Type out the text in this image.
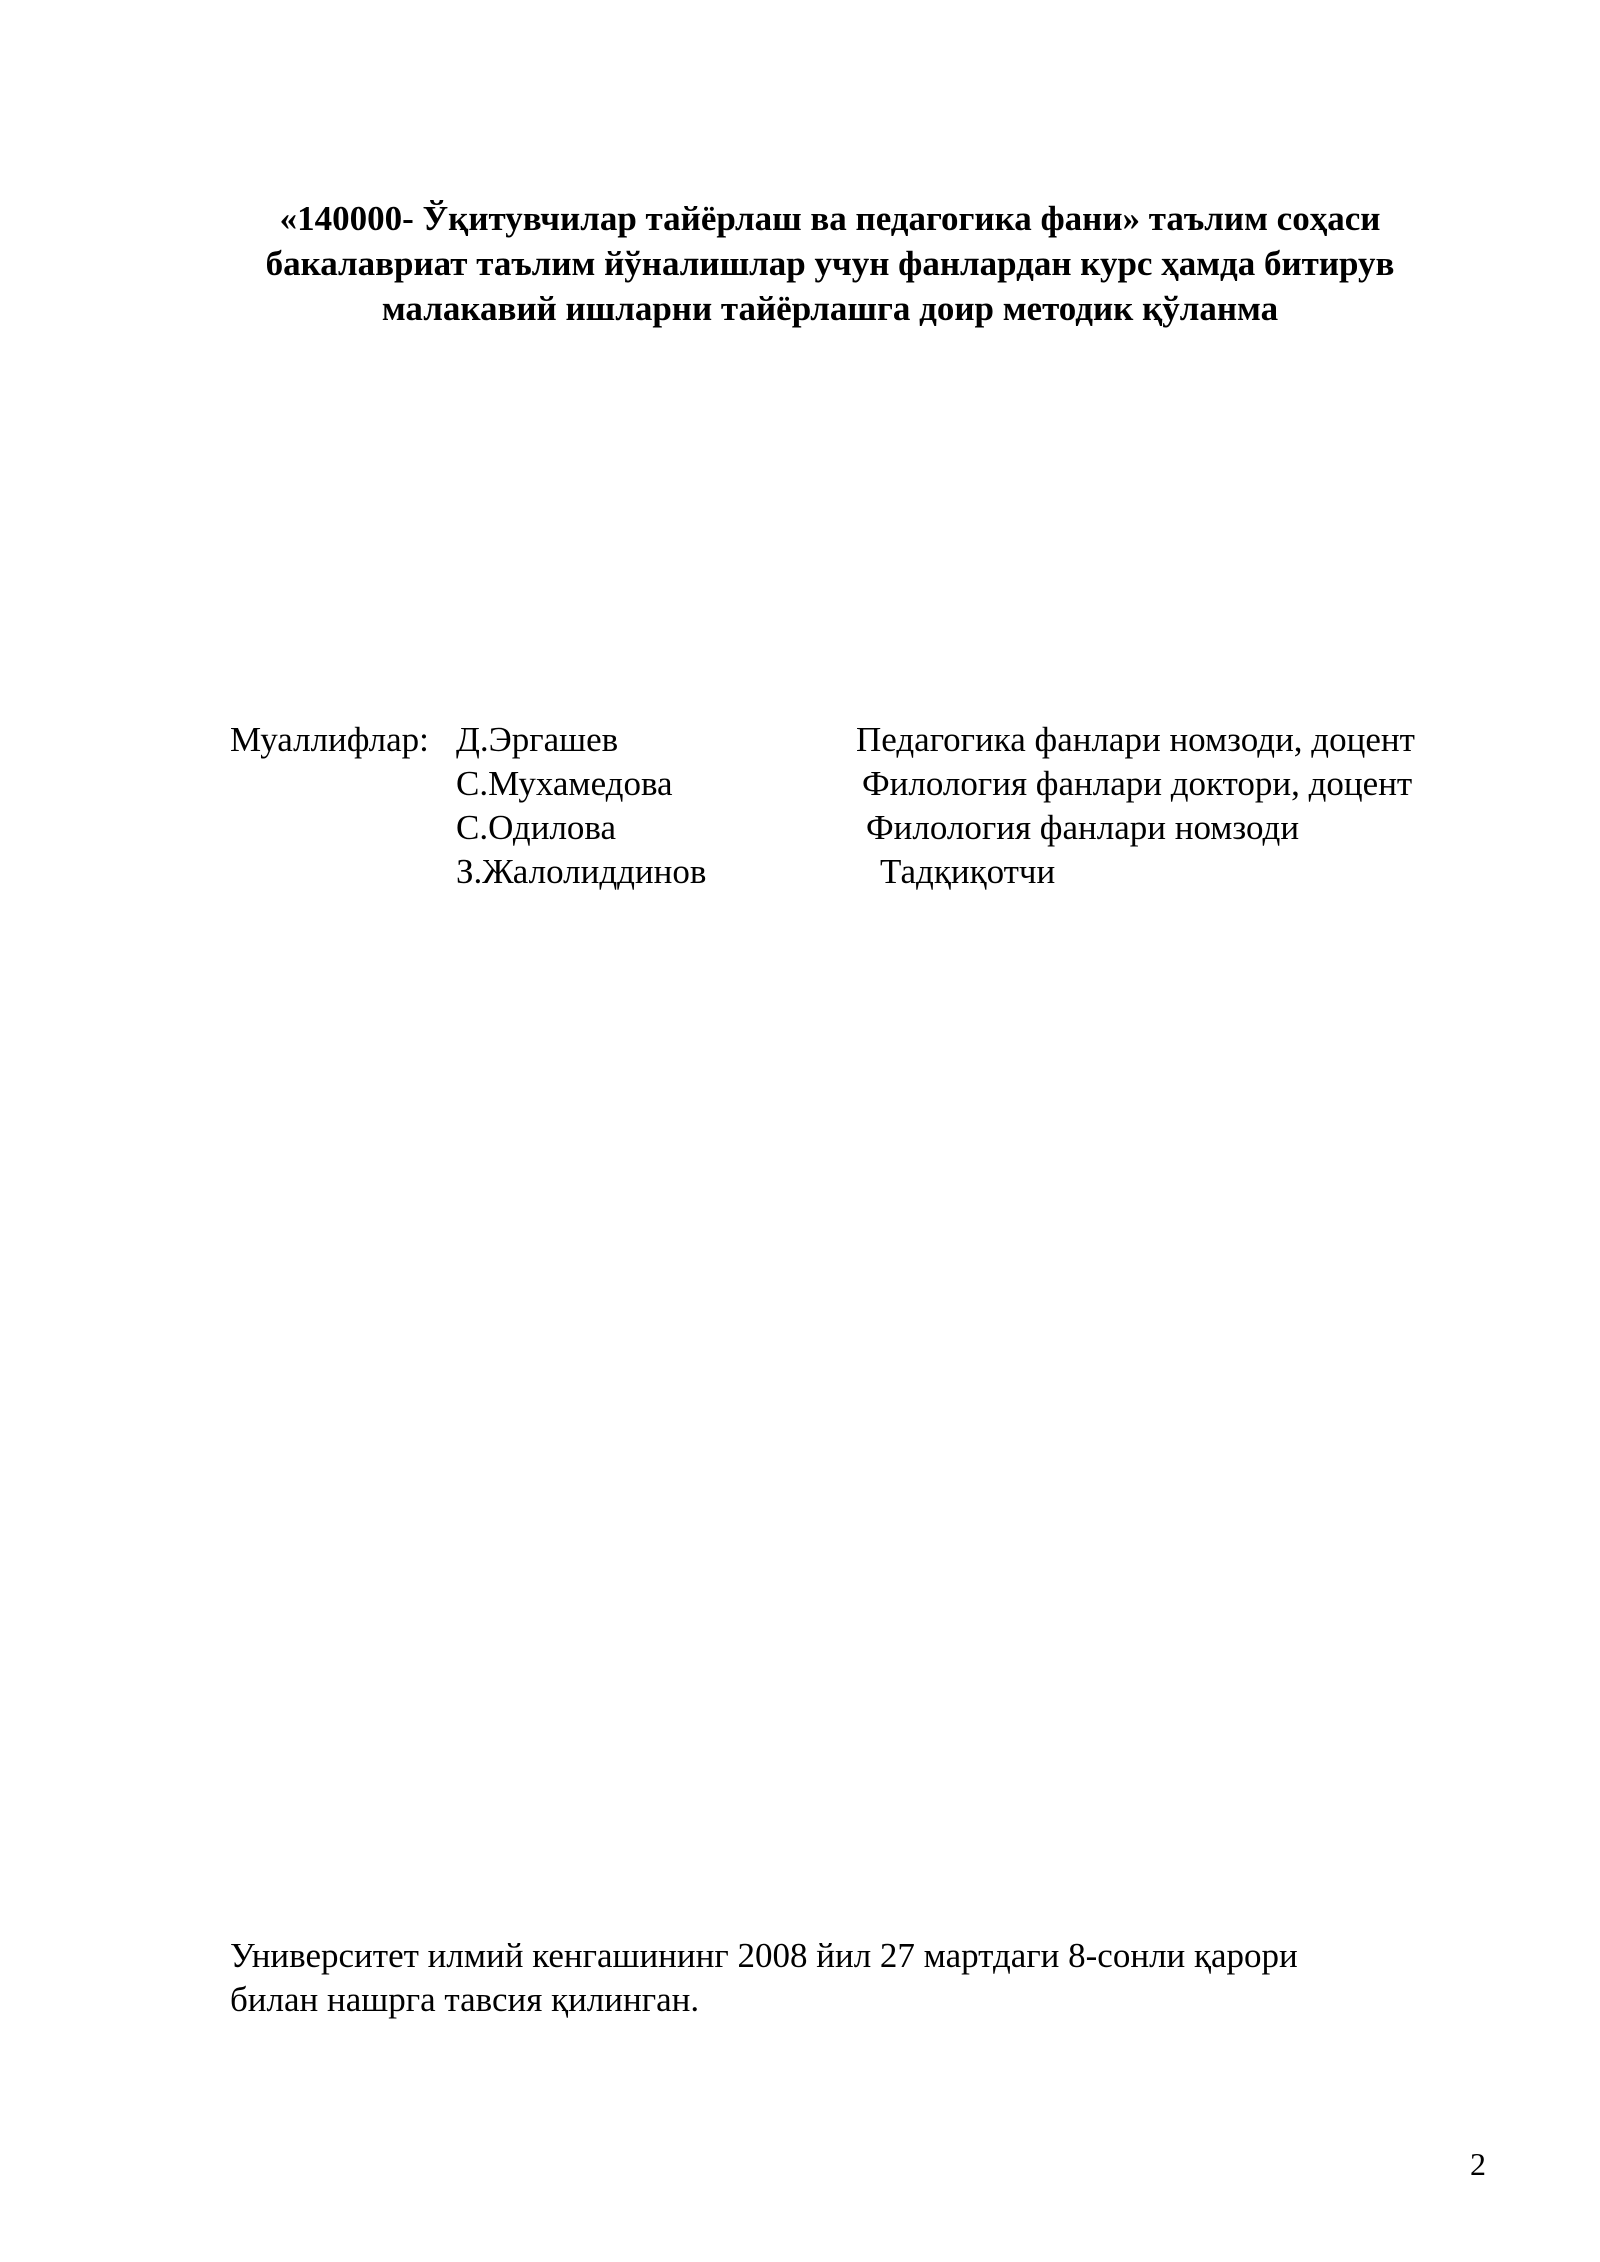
«140000- Ўқитувчилар тайёрлаш ва педагогика фани» таълим соҳаси
бакалавриат таълим йўналишлар учун фанлардан курс ҳамда битирув
малакавий ишларни тайёрлашга доир методик қўланма
Муаллифлар: Д.Эргашев	Педагогика фанлари номзоди, доцент
С.Мухамедова	Филология фанлари доктори, доцент
С.Одилова	Филология фанлари номзоди
З.Жалолиддинов	Тадқиқотчи
Университет илмий кенгашининг 2008 йил 27 мартдаги 8-сонли қарори
билан нашрга тавсия қилинган.
2
